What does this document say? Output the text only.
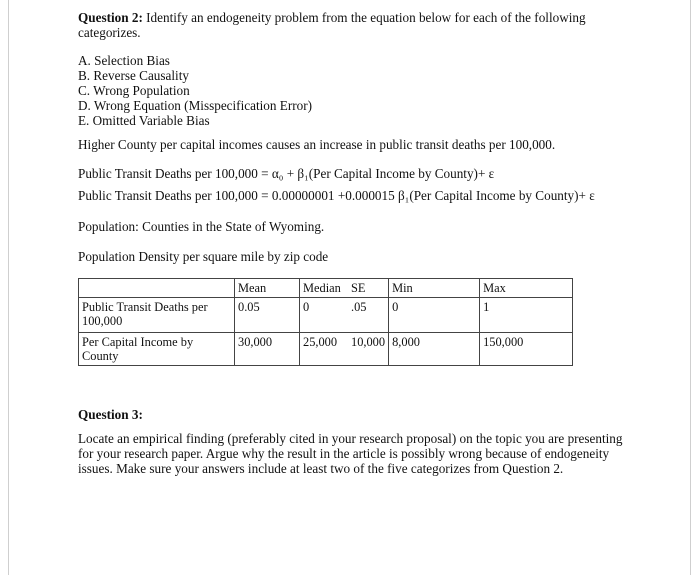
Question 2: Identify an endogeneity problem from the equation below for each of the following categorizes.
A. Selection Bias
B. Reverse Causality
C. Wrong Population
D. Wrong Equation (Misspecification Error)
E. Omitted Variable Bias
Higher County per capital incomes causes an increase in public transit deaths per 100,000.
Public Transit Deaths per 100,000 = α₀ + β₁(Per Capital Income by County)+ ε
Public Transit Deaths per 100,000 = 0.00000001 +0.000015 β₁(Per Capital Income by County)+ ε
Population: Counties in the State of Wyoming.
Population Density per square mile by zip code
	Mean	Median SE	Min	Max
Public Transit Deaths per 100,000	0.05	0 .05	0	1
Per Capital Income by County	30,000	25,000 10,000	8,000	150,000
Question 3:
Locate an empirical finding (preferably cited in your research proposal) on the topic you are presenting for your research paper. Argue why the result in the article is possibly wrong because of endogeneity issues. Make sure your answers include at least two of the five categorizes from Question 2.
